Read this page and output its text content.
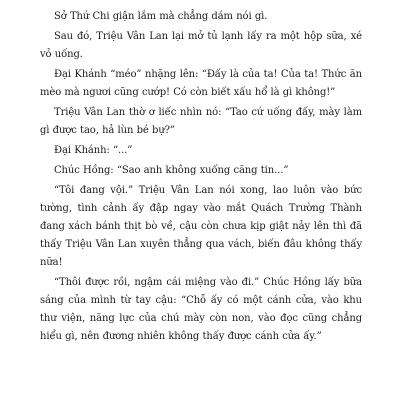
Sở Thứ Chi giận lắm mà chẳng dám nói gì.

Sau đó, Triệu Vân Lan lại mở tủ lạnh lấy ra một hộp sữa, xé vỏ uống.

Đại Khánh “méo” nhặng lên: “Đấy là của ta! Của ta! Thức ăn mèo mà ngươi cũng cướp! Có còn biết xấu hổ là gì không!”

Triệu Vân Lan thờ ơ liếc nhìn nó: “Tao cứ uống đấy, mày làm gì được tao, hả lùn bé bự?”

Đại Khánh: “...”

Chúc Hồng: “Sao anh không xuống căng tin...”

“Tôi đang vội.” Triệu Vân Lan nói xong, lao luôn vào bức tường, tình cảnh ấy đập ngay vào mắt Quách Trường Thành đang xách bánh thịt bò về, cậu còn chưa kịp giật nảy lên thì đã thấy Triệu Vân Lan xuyên thẳng qua vách, biến đâu không thấy nữa!

“Thôi được rồi, ngậm cái miệng vào đi.” Chúc Hồng lấy bữa sáng của mình từ tay cậu: “Chỗ ấy có một cánh cửa, vào khu thư viện, năng lực của chú mày còn non, vào đọc cũng chẳng hiểu gì, nên đương nhiên không thấy được cánh cửa ấy.”
